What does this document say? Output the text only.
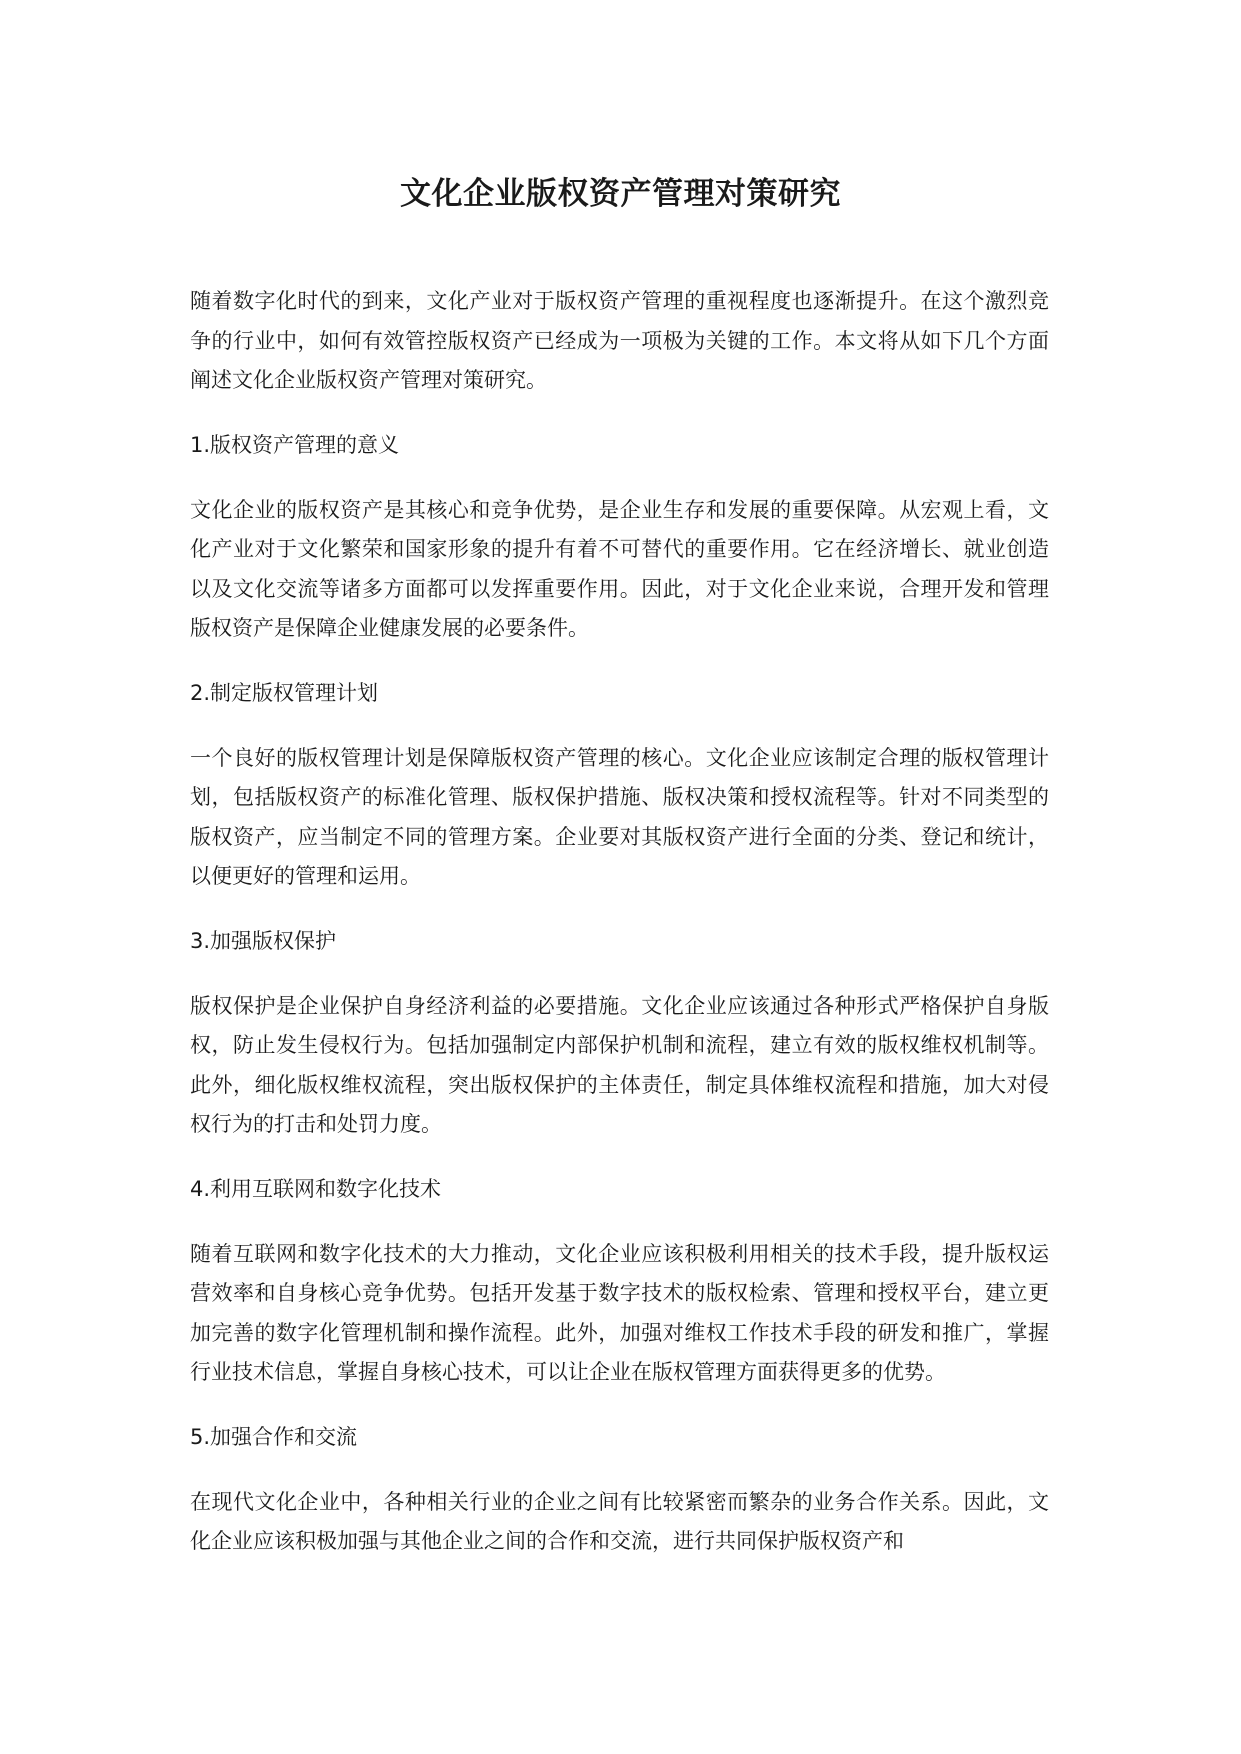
文化企业版权资产管理对策研究

随着数字化时代的到来，文化产业对于版权资产管理的重视程度也逐渐提升。在这个激烈竞争的行业中，如何有效管控版权资产已经成为一项极为关键的工作。本文将从如下几个方面阐述文化企业版权资产管理对策研究。

1.版权资产管理的意义

文化企业的版权资产是其核心和竞争优势，是企业生存和发展的重要保障。从宏观上看，文化产业对于文化繁荣和国家形象的提升有着不可替代的重要作用。它在经济增长、就业创造以及文化交流等诸多方面都可以发挥重要作用。因此，对于文化企业来说，合理开发和管理版权资产是保障企业健康发展的必要条件。

2.制定版权管理计划

一个良好的版权管理计划是保障版权资产管理的核心。文化企业应该制定合理的版权管理计划，包括版权资产的标准化管理、版权保护措施、版权决策和授权流程等。针对不同类型的版权资产，应当制定不同的管理方案。企业要对其版权资产进行全面的分类、登记和统计，以便更好的管理和运用。

3.加强版权保护

版权保护是企业保护自身经济利益的必要措施。文化企业应该通过各种形式严格保护自身版权，防止发生侵权行为。包括加强制定内部保护机制和流程，建立有效的版权维权机制等。此外，细化版权维权流程，突出版权保护的主体责任，制定具体维权流程和措施，加大对侵权行为的打击和处罚力度。

4.利用互联网和数字化技术

随着互联网和数字化技术的大力推动，文化企业应该积极利用相关的技术手段，提升版权运营效率和自身核心竞争优势。包括开发基于数字技术的版权检索、管理和授权平台，建立更加完善的数字化管理机制和操作流程。此外，加强对维权工作技术手段的研发和推广，掌握行业技术信息，掌握自身核心技术，可以让企业在版权管理方面获得更多的优势。

5.加强合作和交流

在现代文化企业中，各种相关行业的企业之间有比较紧密而繁杂的业务合作关系。因此，文化企业应该积极加强与其他企业之间的合作和交流，进行共同保护版权资产和
